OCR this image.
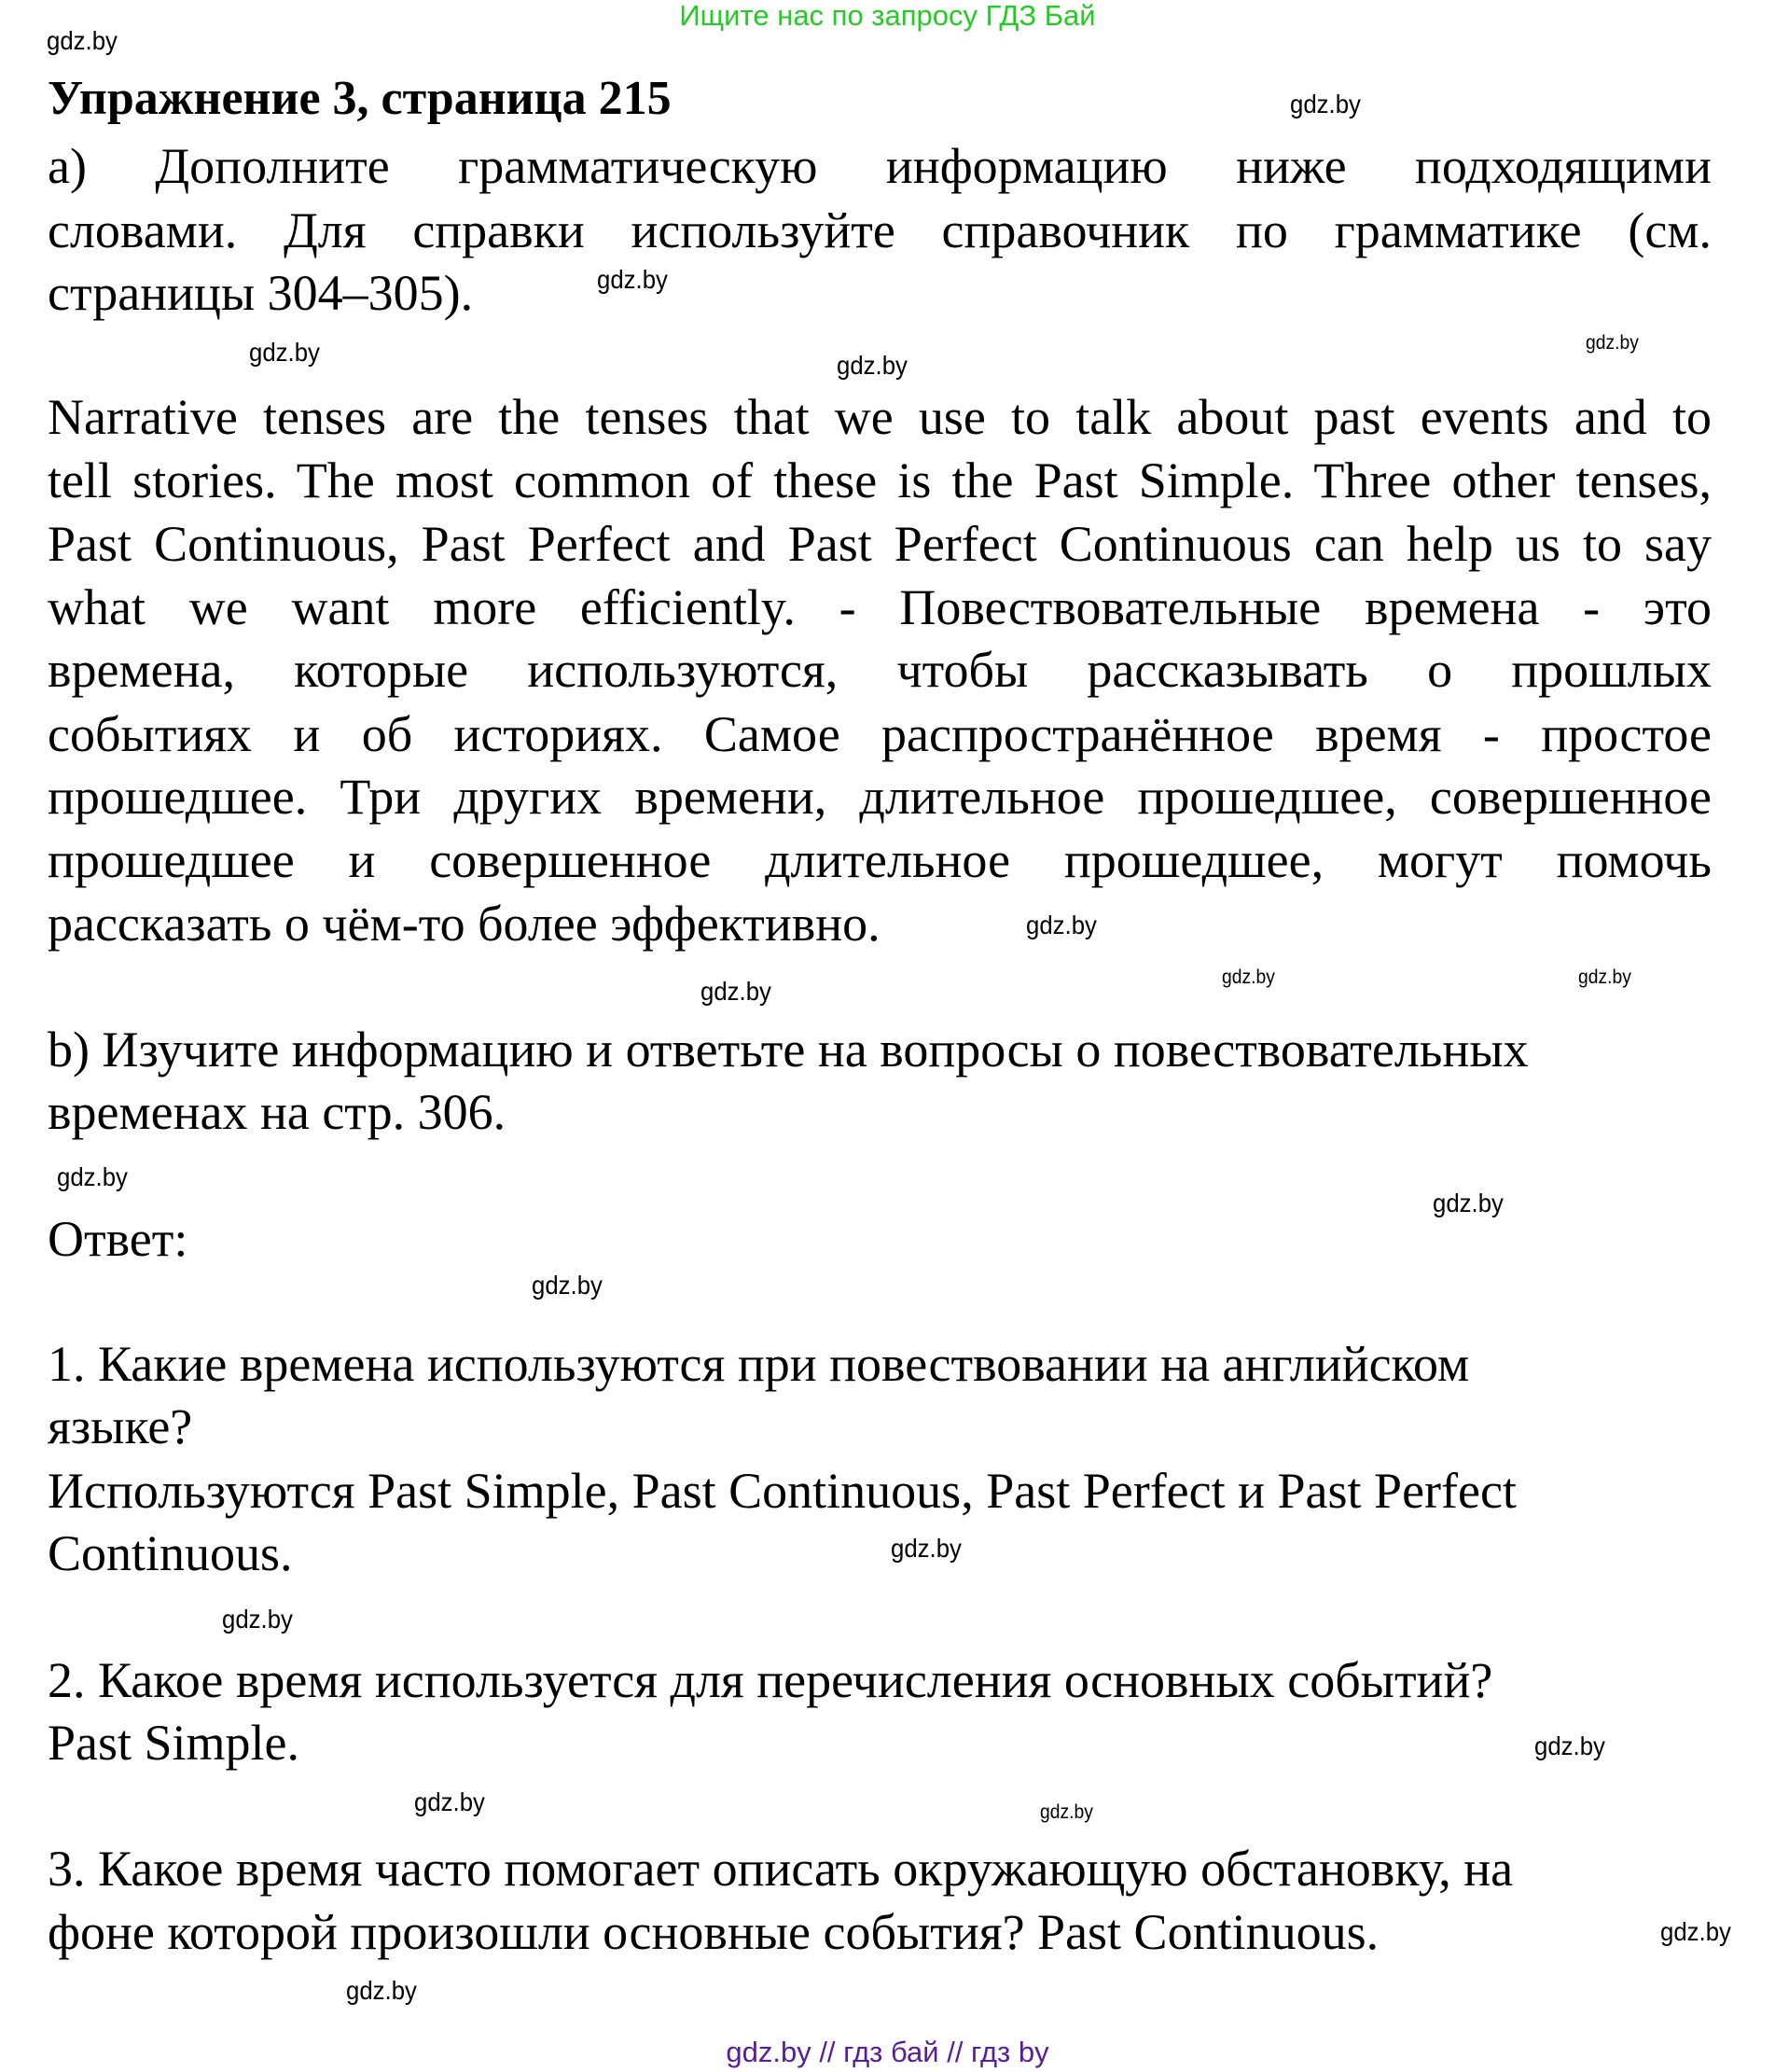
Ищите нас по запросу ГДЗ Бай
Упражнение 3, страница 215
а) Дополните грамматическую информацию ниже подходящими
словами. Для справки используйте справочник по грамматике (см.
страницы 304–305).
Narrative tenses are the tenses that we use to talk about past events and to
tell stories. The most common of these is the Past Simple. Three other tenses,
Past Continuous, Past Perfect and Past Perfect Continuous can help us to say
what we want more efficiently. - Повествовательные времена - это
времена, которые используются, чтобы рассказывать о прошлых
событиях и об историях. Самое распространённое время - простое
прошедшее. Три других времени, длительное прошедшее, совершенное
прошедшее и совершенное длительное прошедшее, могут помочь
рассказать о чём-то более эффективно.
b) Изучите информацию и ответьте на вопросы о повествовательных
временах на стр. 306.
1. Какие времена используются при повествовании на английском
языке?
Используются Past Simple, Past Continuous, Past Perfect и Past Perfect
Continuous.
2. Какое время используется для перечисления основных событий?
Past Simple.
3. Какое время часто помогает описать окружающую обстановку, на
фоне которой произошли основные события? Past Continuous.
Ответ:
gdz.by
gdz.by
gdz.by
gdz.by
gdz.by	gdz.by
gdz.by
gdz.by
gdz.by
gdz.by
gdz.by
gdz.by
gdz.by
gdz.by
gdz.by
gdz.by
gdz.by	gdz.by
gdz.by
gdz.by
gdz.by // гдз бай // гдз by
